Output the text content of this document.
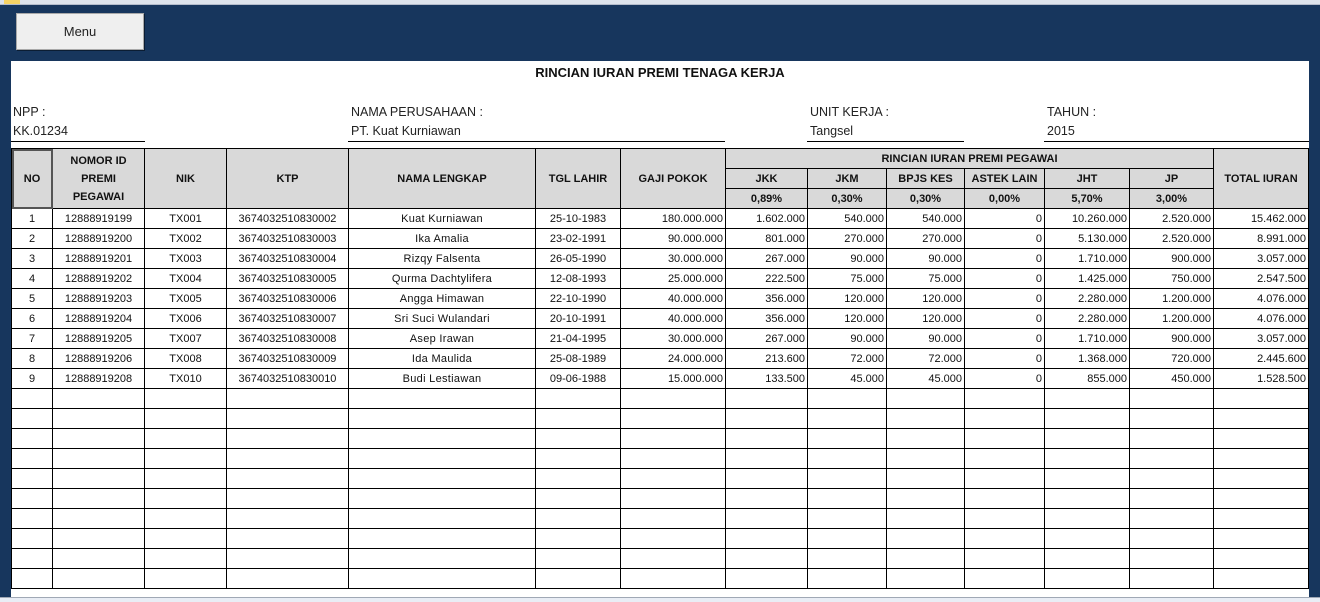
Menu
RINCIAN IURAN PREMI TENAGA KERJA
NPP :
KK.01234
NAMA PERUSAHAAN :
PT. Kuat Kurniawan
UNIT KERJA :
Tangsel
TAHUN :
2015
NO	NOMOR ID PREMI PEGAWAI	NIK	KTP	NAMA LENGKAP	TGL LAHIR	GAJI POKOK	RINCIAN IURAN PREMI PEGAWAI						TOTAL IURAN
							JKK	JKM	BPJS KES	ASTEK LAIN	JHT	JP	
							0,89%	0,30%	0,30%	0,00%	5,70%	3,00%	
1	12888919199	TX001	3674032510830002	Kuat Kurniawan	25-10-1983	180.000.000	1.602.000	540.000	540.000	0	10.260.000	2.520.000	15.462.000
2	12888919200	TX002	3674032510830003	Ika Amalia	23-02-1991	90.000.000	801.000	270.000	270.000	0	5.130.000	2.520.000	8.991.000
3	12888919201	TX003	3674032510830004	Rizqy Falsenta	26-05-1990	30.000.000	267.000	90.000	90.000	0	1.710.000	900.000	3.057.000
4	12888919202	TX004	3674032510830005	Qurma Dachtylifera	12-08-1993	25.000.000	222.500	75.000	75.000	0	1.425.000	750.000	2.547.500
5	12888919203	TX005	3674032510830006	Angga Himawan	22-10-1990	40.000.000	356.000	120.000	120.000	0	2.280.000	1.200.000	4.076.000
6	12888919204	TX006	3674032510830007	Sri Suci Wulandari	20-10-1991	40.000.000	356.000	120.000	120.000	0	2.280.000	1.200.000	4.076.000
7	12888919205	TX007	3674032510830008	Asep Irawan	21-04-1995	30.000.000	267.000	90.000	90.000	0	1.710.000	900.000	3.057.000
8	12888919206	TX008	3674032510830009	Ida Maulida	25-08-1989	24.000.000	213.600	72.000	72.000	0	1.368.000	720.000	2.445.600
9	12888919208	TX010	3674032510830010	Budi Lestiawan	09-06-1988	15.000.000	133.500	45.000	45.000	0	855.000	450.000	1.528.500
